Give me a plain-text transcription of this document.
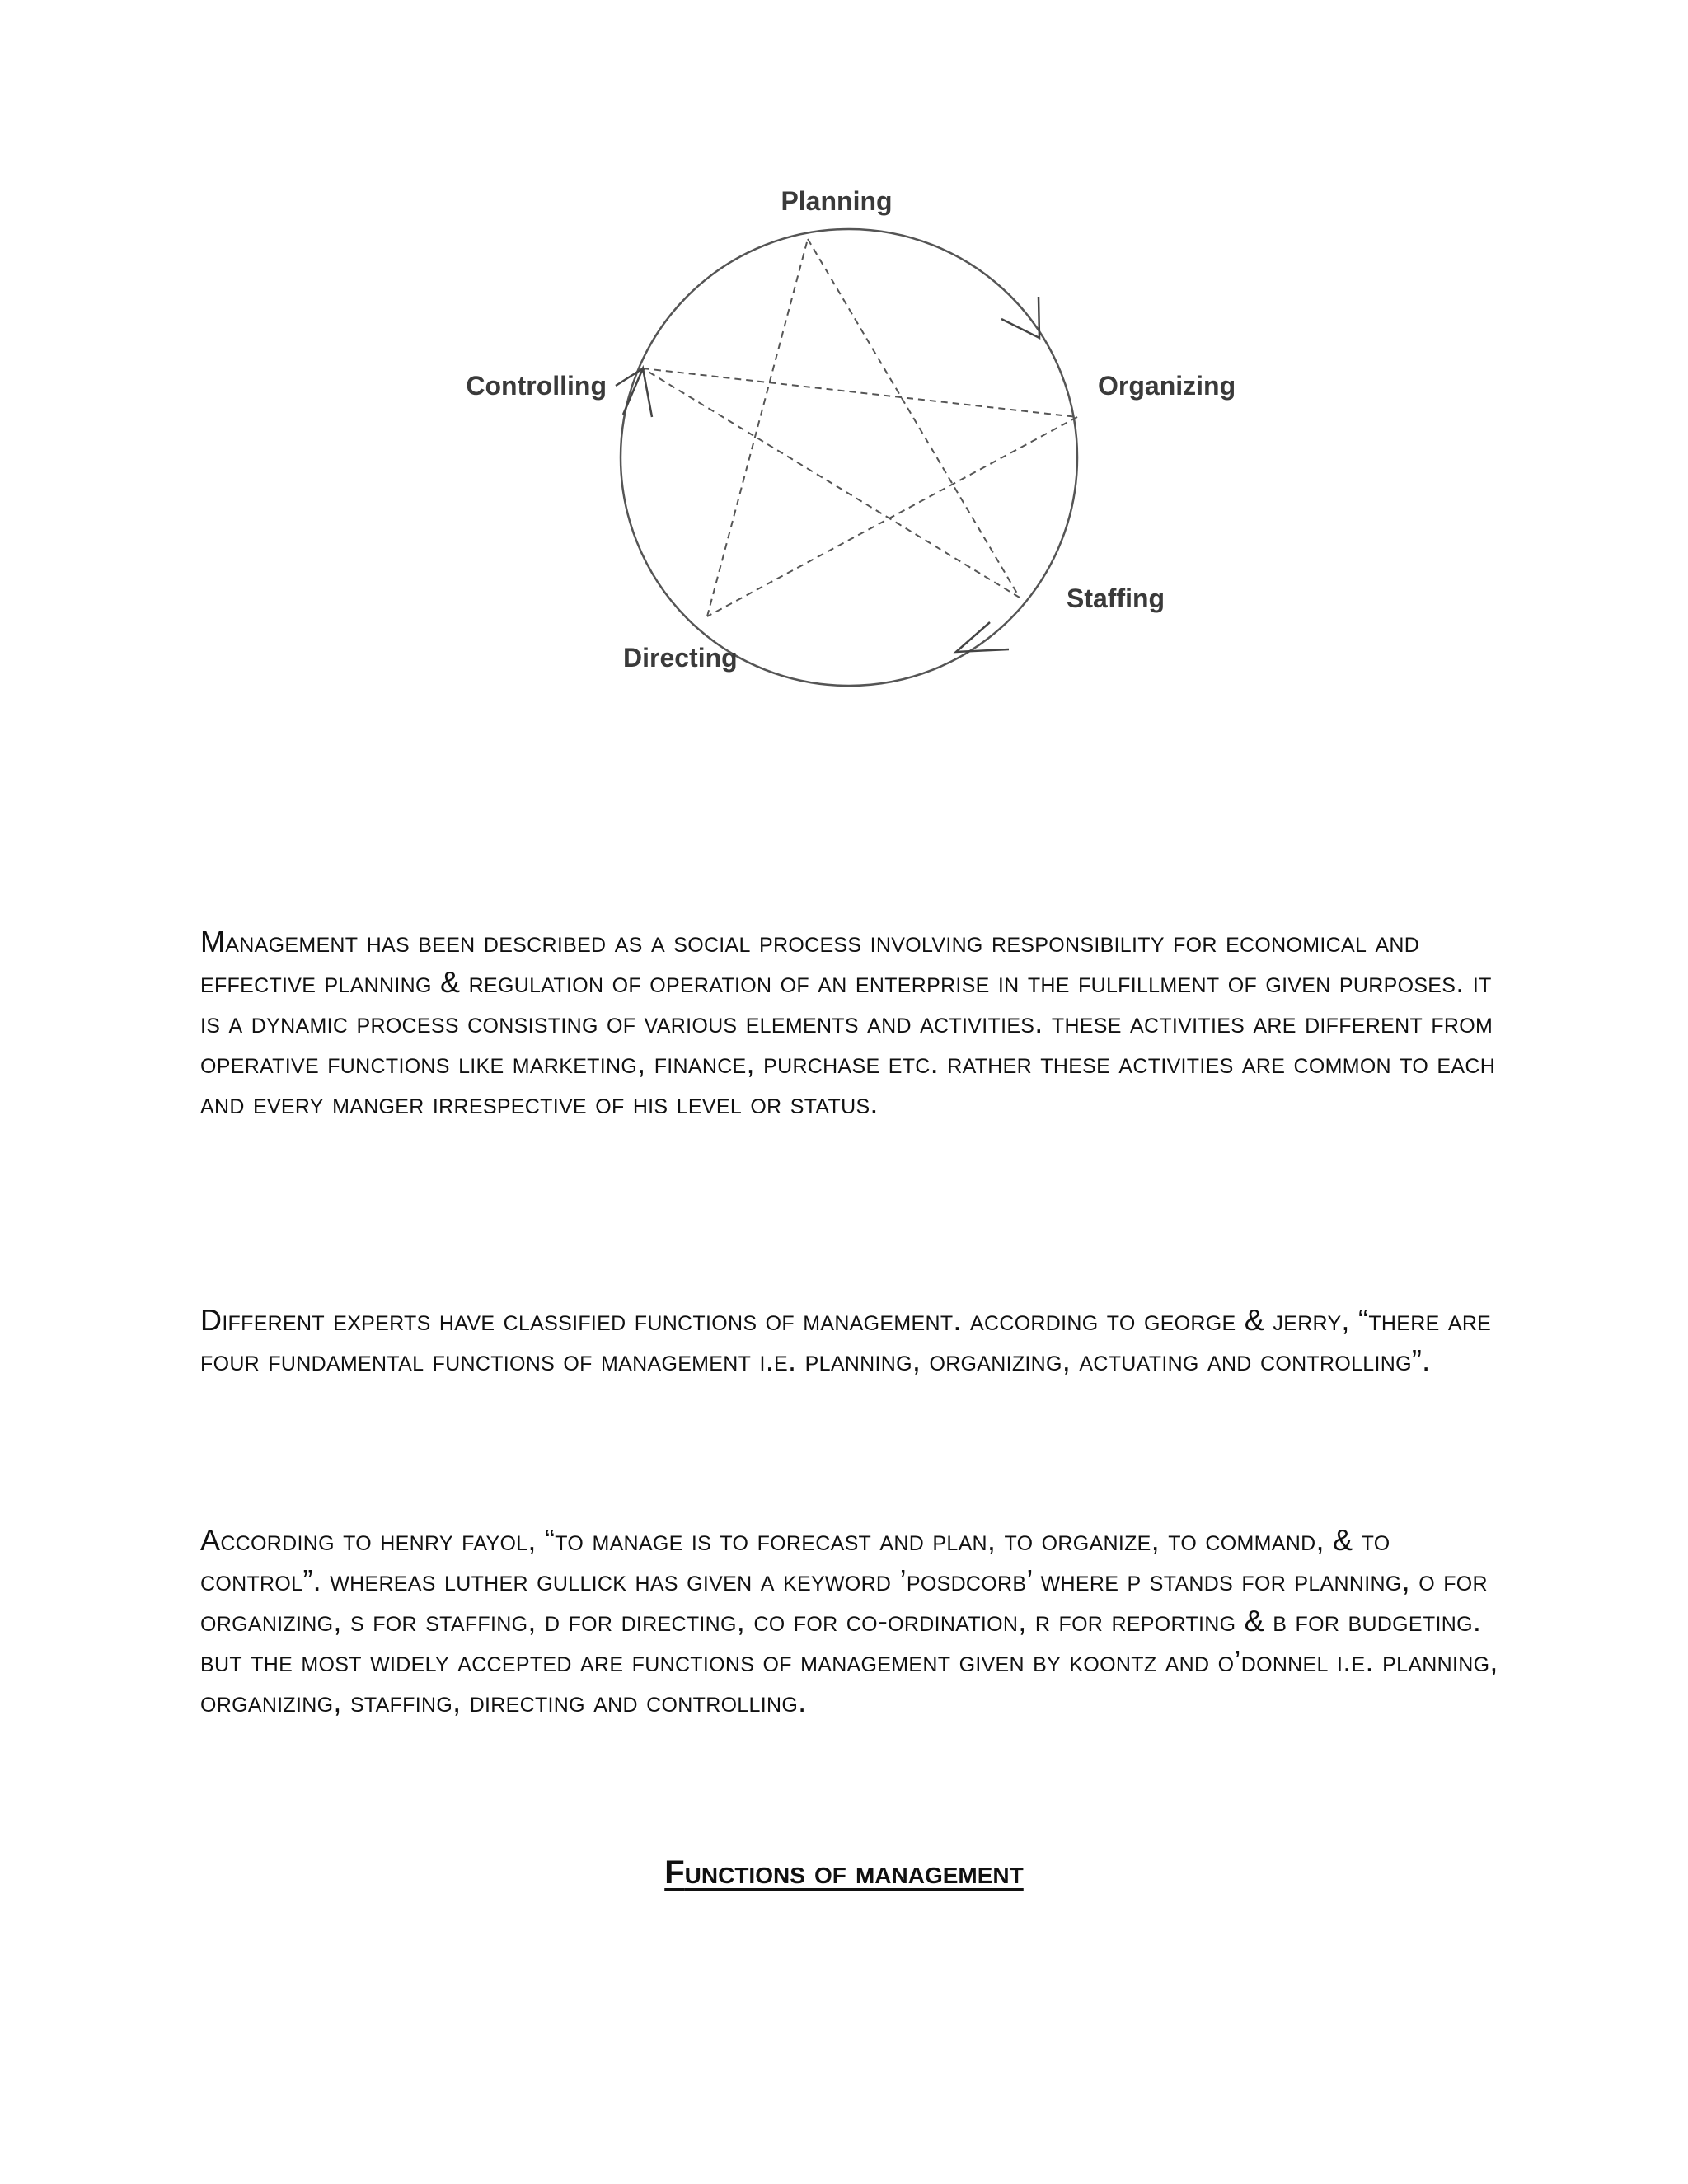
Planning
Organizing
Staffing
Directing
Controlling

Management has been described as a social process involving responsibility for economical and effective planning & regulation of operation of an enterprise in the fulfillment of given purposes. it is a dynamic process consisting of various elements and activities. these activities are different from operative functions like marketing, finance, purchase etc. rather these activities are common to each and every manger irrespective of his level or status.

Different experts have classified functions of management. according to george & jerry, “there are four fundamental functions of management i.e. planning, organizing, actuating and controlling”.

According to henry fayol, “to manage is to forecast and plan, to organize, to command, & to control”. whereas luther gullick has given a keyword ’posdcorb’ where p stands for planning, o for organizing, s for staffing, d for directing, co for co-ordination, r for reporting & b for budgeting. but the most widely accepted are functions of management given by koontz and o’donnel i.e. planning, organizing, staffing, directing and controlling.

Functions of management
